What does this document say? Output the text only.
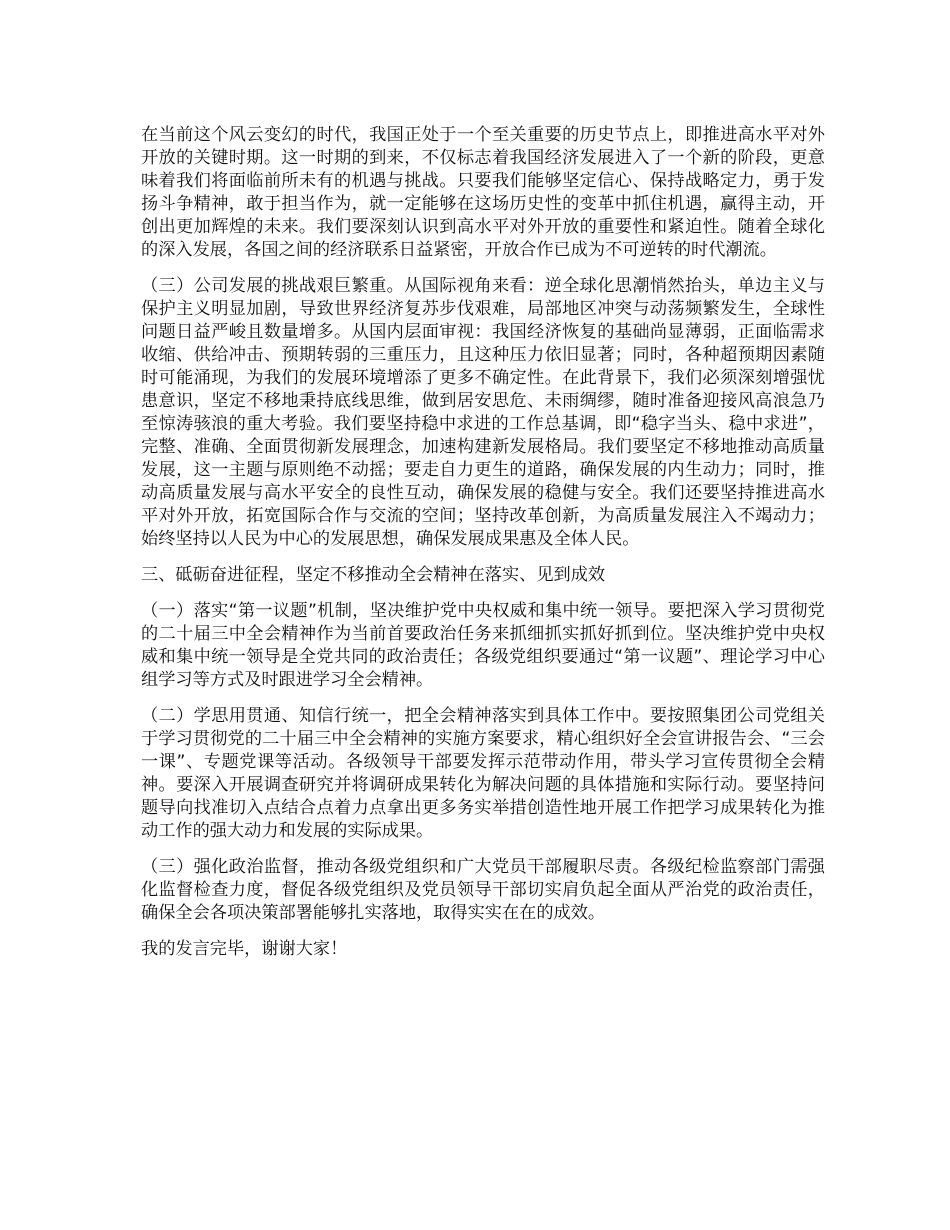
在当前这个风云变幻的时代，我国正处于一个至关重要的历史节点上，即推进高水平对外开放的关键时期。这一时期的到来，不仅标志着我国经济发展进入了一个新的阶段，更意味着我们将面临前所未有的机遇与挑战。只要我们能够坚定信心、保持战略定力，勇于发扬斗争精神，敢于担当作为，就一定能够在这场历史性的变革中抓住机遇，赢得主动，开创出更加辉煌的未来。我们要深刻认识到高水平对外开放的重要性和紧迫性。随着全球化的深入发展，各国之间的经济联系日益紧密，开放合作已成为不可逆转的时代潮流。

（三）公司发展的挑战艰巨繁重。从国际视角来看：逆全球化思潮悄然抬头，单边主义与保护主义明显加剧，导致世界经济复苏步伐艰难，局部地区冲突与动荡频繁发生，全球性问题日益严峻且数量增多。从国内层面审视：我国经济恢复的基础尚显薄弱，正面临需求收缩、供给冲击、预期转弱的三重压力，且这种压力依旧显著；同时，各种超预期因素随时可能涌现，为我们的发展环境增添了更多不确定性。在此背景下，我们必须深刻增强忧患意识，坚定不移地秉持底线思维，做到居安思危、未雨绸缪，随时准备迎接风高浪急乃至惊涛骇浪的重大考验。我们要坚持稳中求进的工作总基调，即“稳字当头、稳中求进”，完整、准确、全面贯彻新发展理念，加速构建新发展格局。我们要坚定不移地推动高质量发展，这一主题与原则绝不动摇；要走自力更生的道路，确保发展的内生动力；同时，推动高质量发展与高水平安全的良性互动，确保发展的稳健与安全。我们还要坚持推进高水平对外开放，拓宽国际合作与交流的空间；坚持改革创新，为高质量发展注入不竭动力；始终坚持以人民为中心的发展思想，确保发展成果惠及全体人民。

三、砥砺奋进征程，坚定不移推动全会精神在落实、见到成效

（一）落实“第一议题”机制，坚决维护党中央权威和集中统一领导。要把深入学习贯彻党的二十届三中全会精神作为当前首要政治任务来抓细抓实抓好抓到位。坚决维护党中央权威和集中统一领导是全党共同的政治责任；各级党组织要通过“第一议题”、理论学习中心组学习等方式及时跟进学习全会精神。

（二）学思用贯通、知信行统一，把全会精神落实到具体工作中。要按照集团公司党组关于学习贯彻党的二十届三中全会精神的实施方案要求，精心组织好全会宣讲报告会、“三会一课”、专题党课等活动。各级领导干部要发挥示范带动作用，带头学习宣传贯彻全会精神。要深入开展调查研究并将调研成果转化为解决问题的具体措施和实际行动。要坚持问题导向找准切入点结合点着力点拿出更多务实举措创造性地开展工作把学习成果转化为推动工作的强大动力和发展的实际成果。

（三）强化政治监督，推动各级党组织和广大党员干部履职尽责。各级纪检监察部门需强化监督检查力度，督促各级党组织及党员领导干部切实肩负起全面从严治党的政治责任，确保全会各项决策部署能够扎实落地，取得实实在在的成效。

我的发言完毕，谢谢大家！
